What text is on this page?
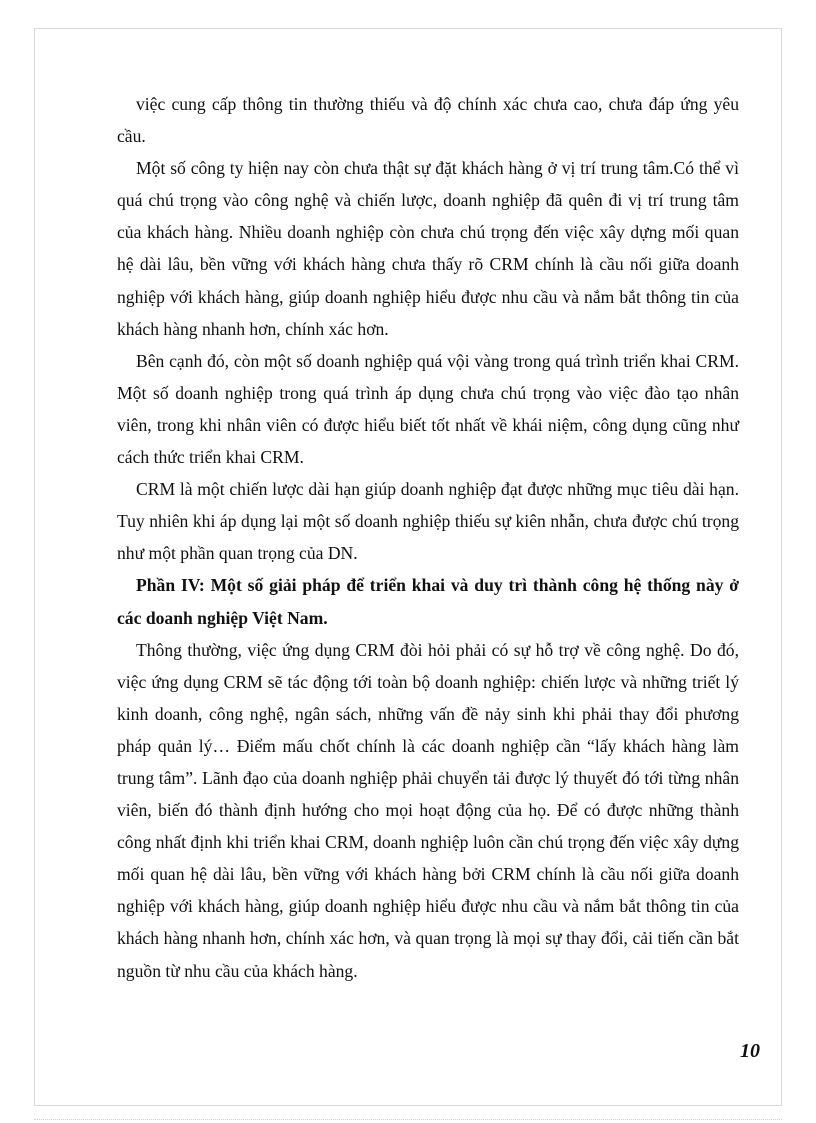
việc cung cấp thông tin thường thiếu và độ chính xác chưa cao, chưa đáp ứng yêu cầu.

Một số công ty hiện nay còn chưa thật sự đặt khách hàng ở vị trí trung tâm.Có thể vì quá chú trọng vào công nghệ và chiến lược, doanh nghiệp đã quên đi vị trí trung tâm của khách hàng. Nhiều doanh nghiệp còn chưa chú trọng đến việc xây dựng mối quan hệ dài lâu, bền vững với khách hàng chưa thấy rõ CRM chính là cầu nối giữa doanh nghiệp với khách hàng, giúp doanh nghiệp hiểu được nhu cầu và nắm bắt thông tin của khách hàng nhanh hơn, chính xác hơn.

Bên cạnh đó, còn một số doanh nghiệp quá vội vàng trong quá trình triển khai CRM. Một số doanh nghiệp trong quá trình áp dụng chưa chú trọng vào việc đào tạo nhân viên, trong khi nhân viên có được hiểu biết tốt nhất về khái niệm, công dụng cũng như cách thức triển khai CRM.

CRM là một chiến lược dài hạn giúp doanh nghiệp đạt được những mục tiêu dài hạn. Tuy nhiên khi áp dụng lại một số doanh nghiệp thiếu sự kiên nhẫn, chưa được chú trọng như một phần quan trọng của DN.

Phần IV: Một số giải pháp để triển khai và duy trì thành công hệ thống này ở các doanh nghiệp Việt Nam.

Thông thường, việc ứng dụng CRM đòi hỏi phải có sự hỗ trợ về công nghệ. Do đó, việc ứng dụng CRM sẽ tác động tới toàn bộ doanh nghiệp: chiến lược và những triết lý kinh doanh, công nghệ, ngân sách, những vấn đề nảy sinh khi phải thay đổi phương pháp quản lý… Điểm mấu chốt chính là các doanh nghiệp cần “lấy khách hàng làm trung tâm”. Lãnh đạo của doanh nghiệp phải chuyển tải được lý thuyết đó tới từng nhân viên, biến đó thành định hướng cho mọi hoạt động của họ. Để có được những thành công nhất định khi triển khai CRM, doanh nghiệp luôn cần chú trọng đến việc xây dựng mối quan hệ dài lâu, bền vững với khách hàng bởi CRM chính là cầu nối giữa doanh nghiệp với khách hàng, giúp doanh nghiệp hiểu được nhu cầu và nắm bắt thông tin của khách hàng nhanh hơn, chính xác hơn, và quan trọng là mọi sự thay đổi, cải tiến cần bắt nguồn từ nhu cầu của khách hàng.

10
